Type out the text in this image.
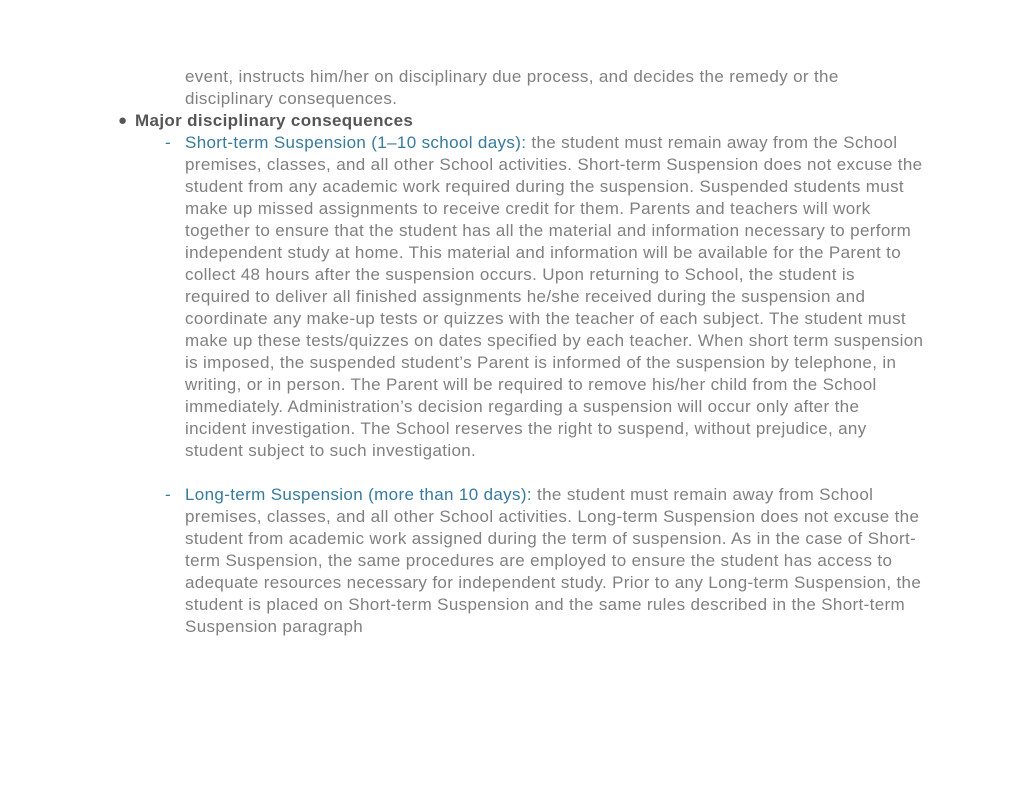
event, instructs him/her on disciplinary due process, and decides the remedy or the disciplinary consequences.

● Major disciplinary consequences
- Short-term Suspension (1–10 school days): the student must remain away from the School premises, classes, and all other School activities. Short-term Suspension does not excuse the student from any academic work required during the suspension. Suspended students must make up missed assignments to receive credit for them. Parents and teachers will work together to ensure that the student has all the material and information necessary to perform independent study at home. This material and information will be available for the Parent to collect 48 hours after the suspension occurs. Upon returning to School, the student is required to deliver all finished assignments he/she received during the suspension and coordinate any make-up tests or quizzes with the teacher of each subject. The student must make up these tests/quizzes on dates specified by each teacher. When short term suspension is imposed, the suspended student’s Parent is informed of the suspension by telephone, in writing, or in person. The Parent will be required to remove his/her child from the School immediately. Administration’s decision regarding a suspension will occur only after the incident investigation. The School reserves the right to suspend, without prejudice, any student subject to such investigation.

- Long-term Suspension (more than 10 days): the student must remain away from School premises, classes, and all other School activities. Long-term Suspension does not excuse the student from academic work assigned during the term of suspension. As in the case of Short-term Suspension, the same procedures are employed to ensure the student has access to adequate resources necessary for independent study. Prior to any Long-term Suspension, the student is placed on Short-term Suspension and the same rules described in the Short-term Suspension paragraph
